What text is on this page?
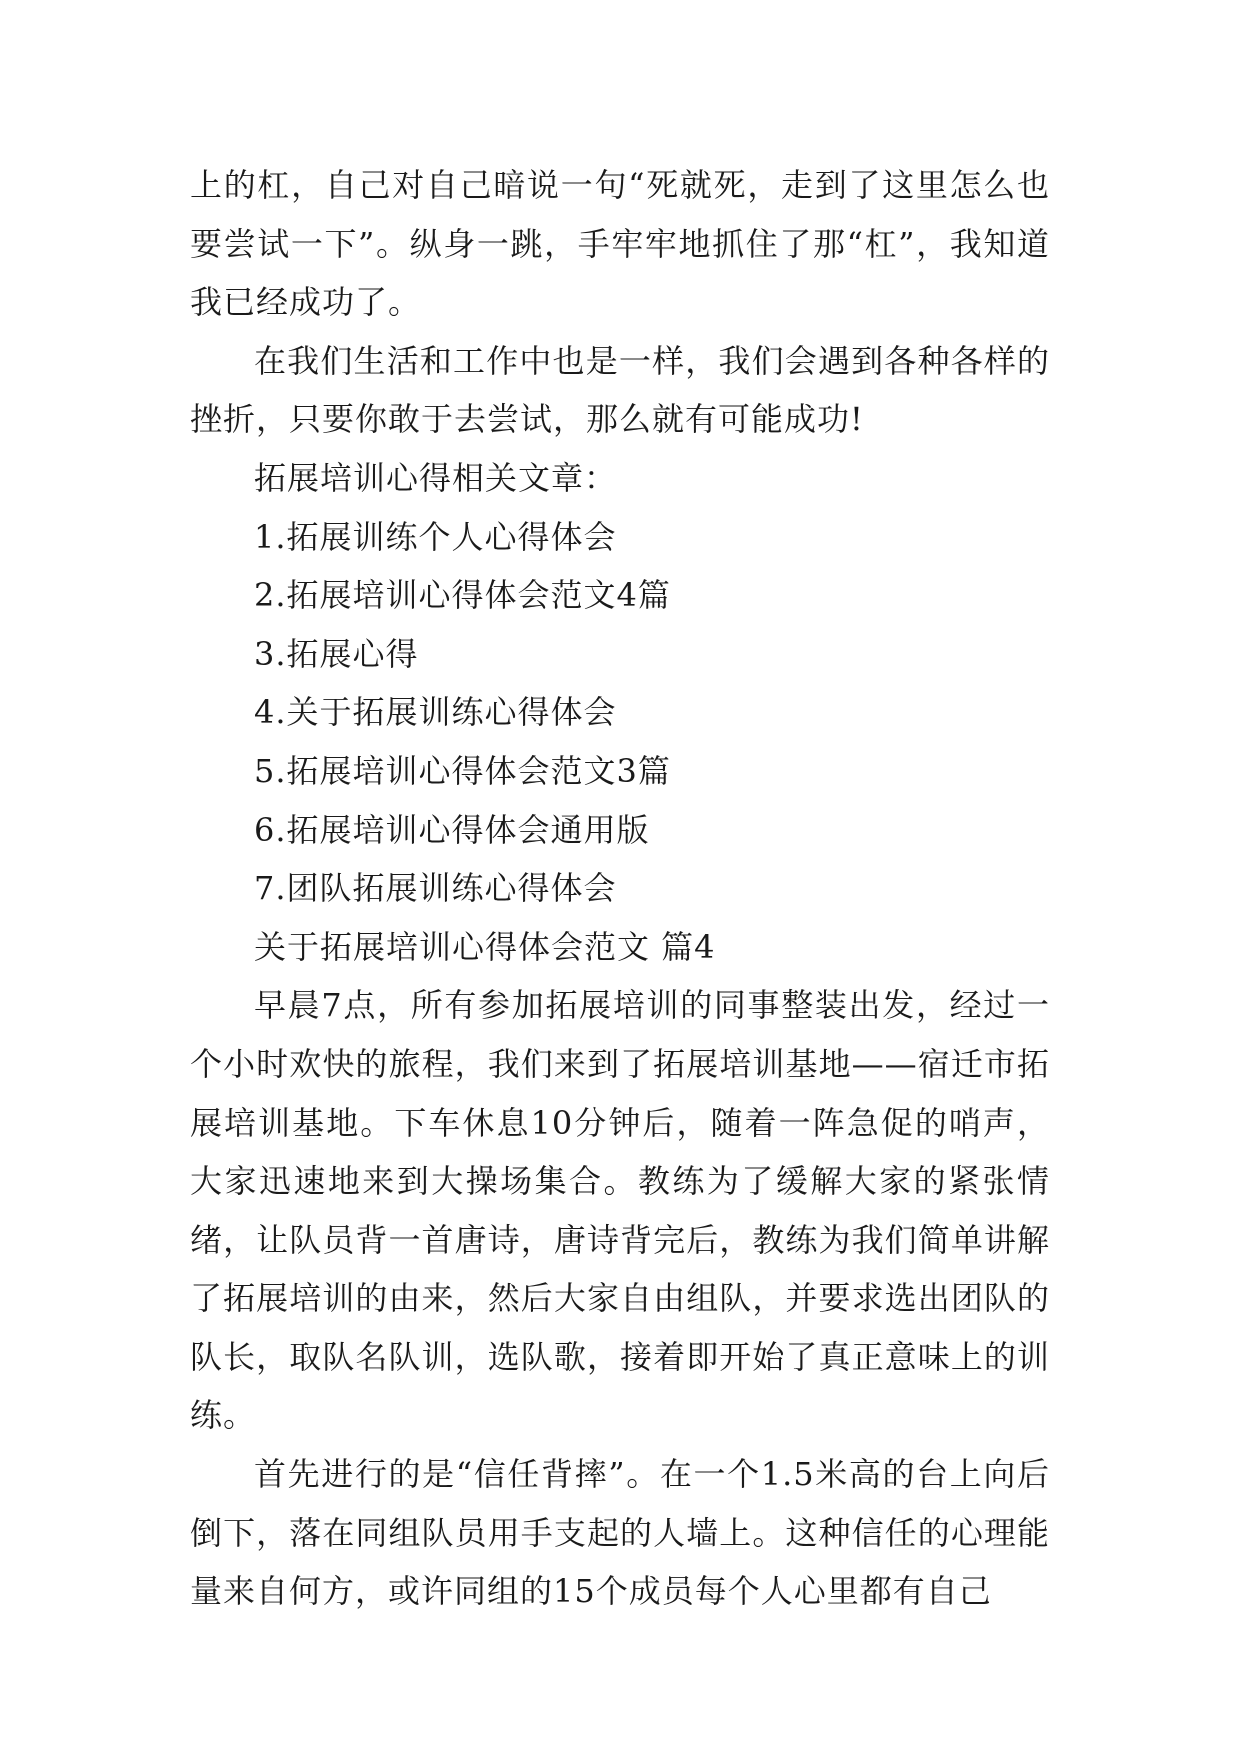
上的杠，自己对自己暗说一句“死就死，走到了这里怎么也要尝试一下”。纵身一跳，手牢牢地抓住了那“杠”，我知道我已经成功了。

在我们生活和工作中也是一样，我们会遇到各种各样的挫折，只要你敢于去尝试，那么就有可能成功!

拓展培训心得相关文章：

1.拓展训练个人心得体会

2.拓展培训心得体会范文4篇

3.拓展心得

4.关于拓展训练心得体会

5.拓展培训心得体会范文3篇

6.拓展培训心得体会通用版

7.团队拓展训练心得体会

关于拓展培训心得体会范文 篇4

早晨7点，所有参加拓展培训的同事整装出发，经过一个小时欢快的旅程，我们来到了拓展培训基地——宿迁市拓展培训基地。下车休息10分钟后，随着一阵急促的哨声，大家迅速地来到大操场集合。教练为了缓解大家的紧张情绪，让队员背一首唐诗，唐诗背完后，教练为我们简单讲解了拓展培训的由来，然后大家自由组队，并要求选出团队的队长，取队名队训，选队歌，接着即开始了真正意味上的训练。

首先进行的是“信任背摔”。在一个1.5米高的台上向后倒下，落在同组队员用手支起的人墙上。这种信任的心理能量来自何方，或许同组的15个成员每个人心里都有自己
